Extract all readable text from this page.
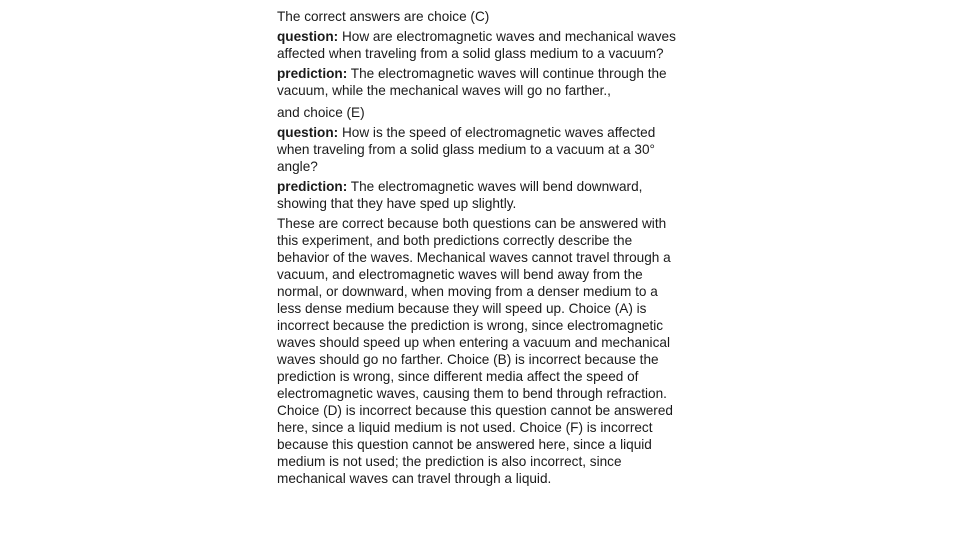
The correct answers are choice (C)

question: How are electromagnetic waves and mechanical waves affected when traveling from a solid glass medium to a vacuum?

prediction: The electromagnetic waves will continue through the vacuum, while the mechanical waves will go no farther.,

and choice (E)

question: How is the speed of electromagnetic waves affected when traveling from a solid glass medium to a vacuum at a 30° angle?

prediction: The electromagnetic waves will bend downward, showing that they have sped up slightly.

These are correct because both questions can be answered with this experiment, and both predictions correctly describe the behavior of the waves. Mechanical waves cannot travel through a vacuum, and electromagnetic waves will bend away from the normal, or downward, when moving from a denser medium to a less dense medium because they will speed up. Choice (A) is incorrect because the prediction is wrong, since electromagnetic waves should speed up when entering a vacuum and mechanical waves should go no farther. Choice (B) is incorrect because the prediction is wrong, since different media affect the speed of electromagnetic waves, causing them to bend through refraction. Choice (D) is incorrect because this question cannot be answered here, since a liquid medium is not used. Choice (F) is incorrect because this question cannot be answered here, since a liquid medium is not used; the prediction is also incorrect, since mechanical waves can travel through a liquid.
